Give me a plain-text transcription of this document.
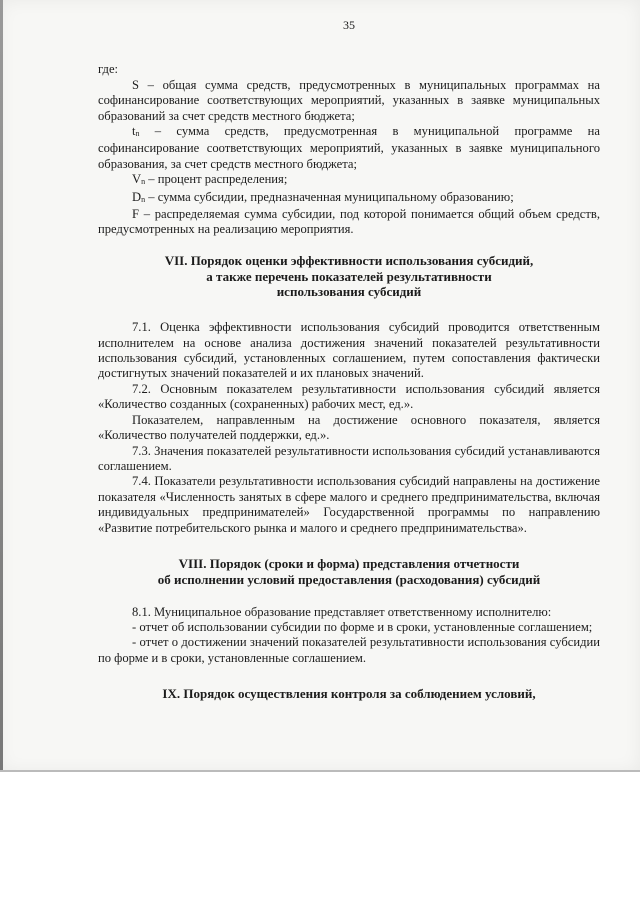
35

где:

S – общая сумма средств, предусмотренных в муниципальных программах на софинансирование соответствующих мероприятий, указанных в заявке муниципальных образований за счет средств местного бюджета;

$t_n$ – сумма средств, предусмотренная в муниципальной программе на софинансирование соответствующих мероприятий, указанных в заявке муниципального образования, за счет средств местного бюджета;

$V_n$ – процент распределения;

$D_n$ – сумма субсидии, предназначенная муниципальному образованию;

F – распределяемая сумма субсидии, под которой понимается общий объем средств, предусмотренных на реализацию мероприятия.

VII. Порядок оценки эффективности использования субсидий,
а также перечень показателей результативности
использования субсидий

7.1. Оценка эффективности использования субсидий проводится ответственным исполнителем на основе анализа достижения значений показателей результативности использования субсидий, установленных соглашением, путем сопоставления фактически достигнутых значений показателей и их плановых значений.

7.2. Основным показателем результативности использования субсидий является «Количество созданных (сохраненных) рабочих мест, ед.».

Показателем, направленным на достижение основного показателя, является «Количество получателей поддержки, ед.».

7.3. Значения показателей результативности использования субсидий устанавливаются соглашением.

7.4. Показатели результативности использования субсидий направлены на достижение показателя «Численность занятых в сфере малого и среднего предпринимательства, включая индивидуальных предпринимателей» Государственной программы по направлению «Развитие потребительского рынка и малого и среднего предпринимательства».

VIII. Порядок (сроки и форма) представления отчетности
об исполнении условий предоставления (расходования) субсидий

8.1. Муниципальное образование представляет ответственному исполнителю:

- отчет об использовании субсидии по форме и в сроки, установленные соглашением;

- отчет о достижении значений показателей результативности использования субсидии по форме и в сроки, установленные соглашением.

IX. Порядок осуществления контроля за соблюдением условий,
